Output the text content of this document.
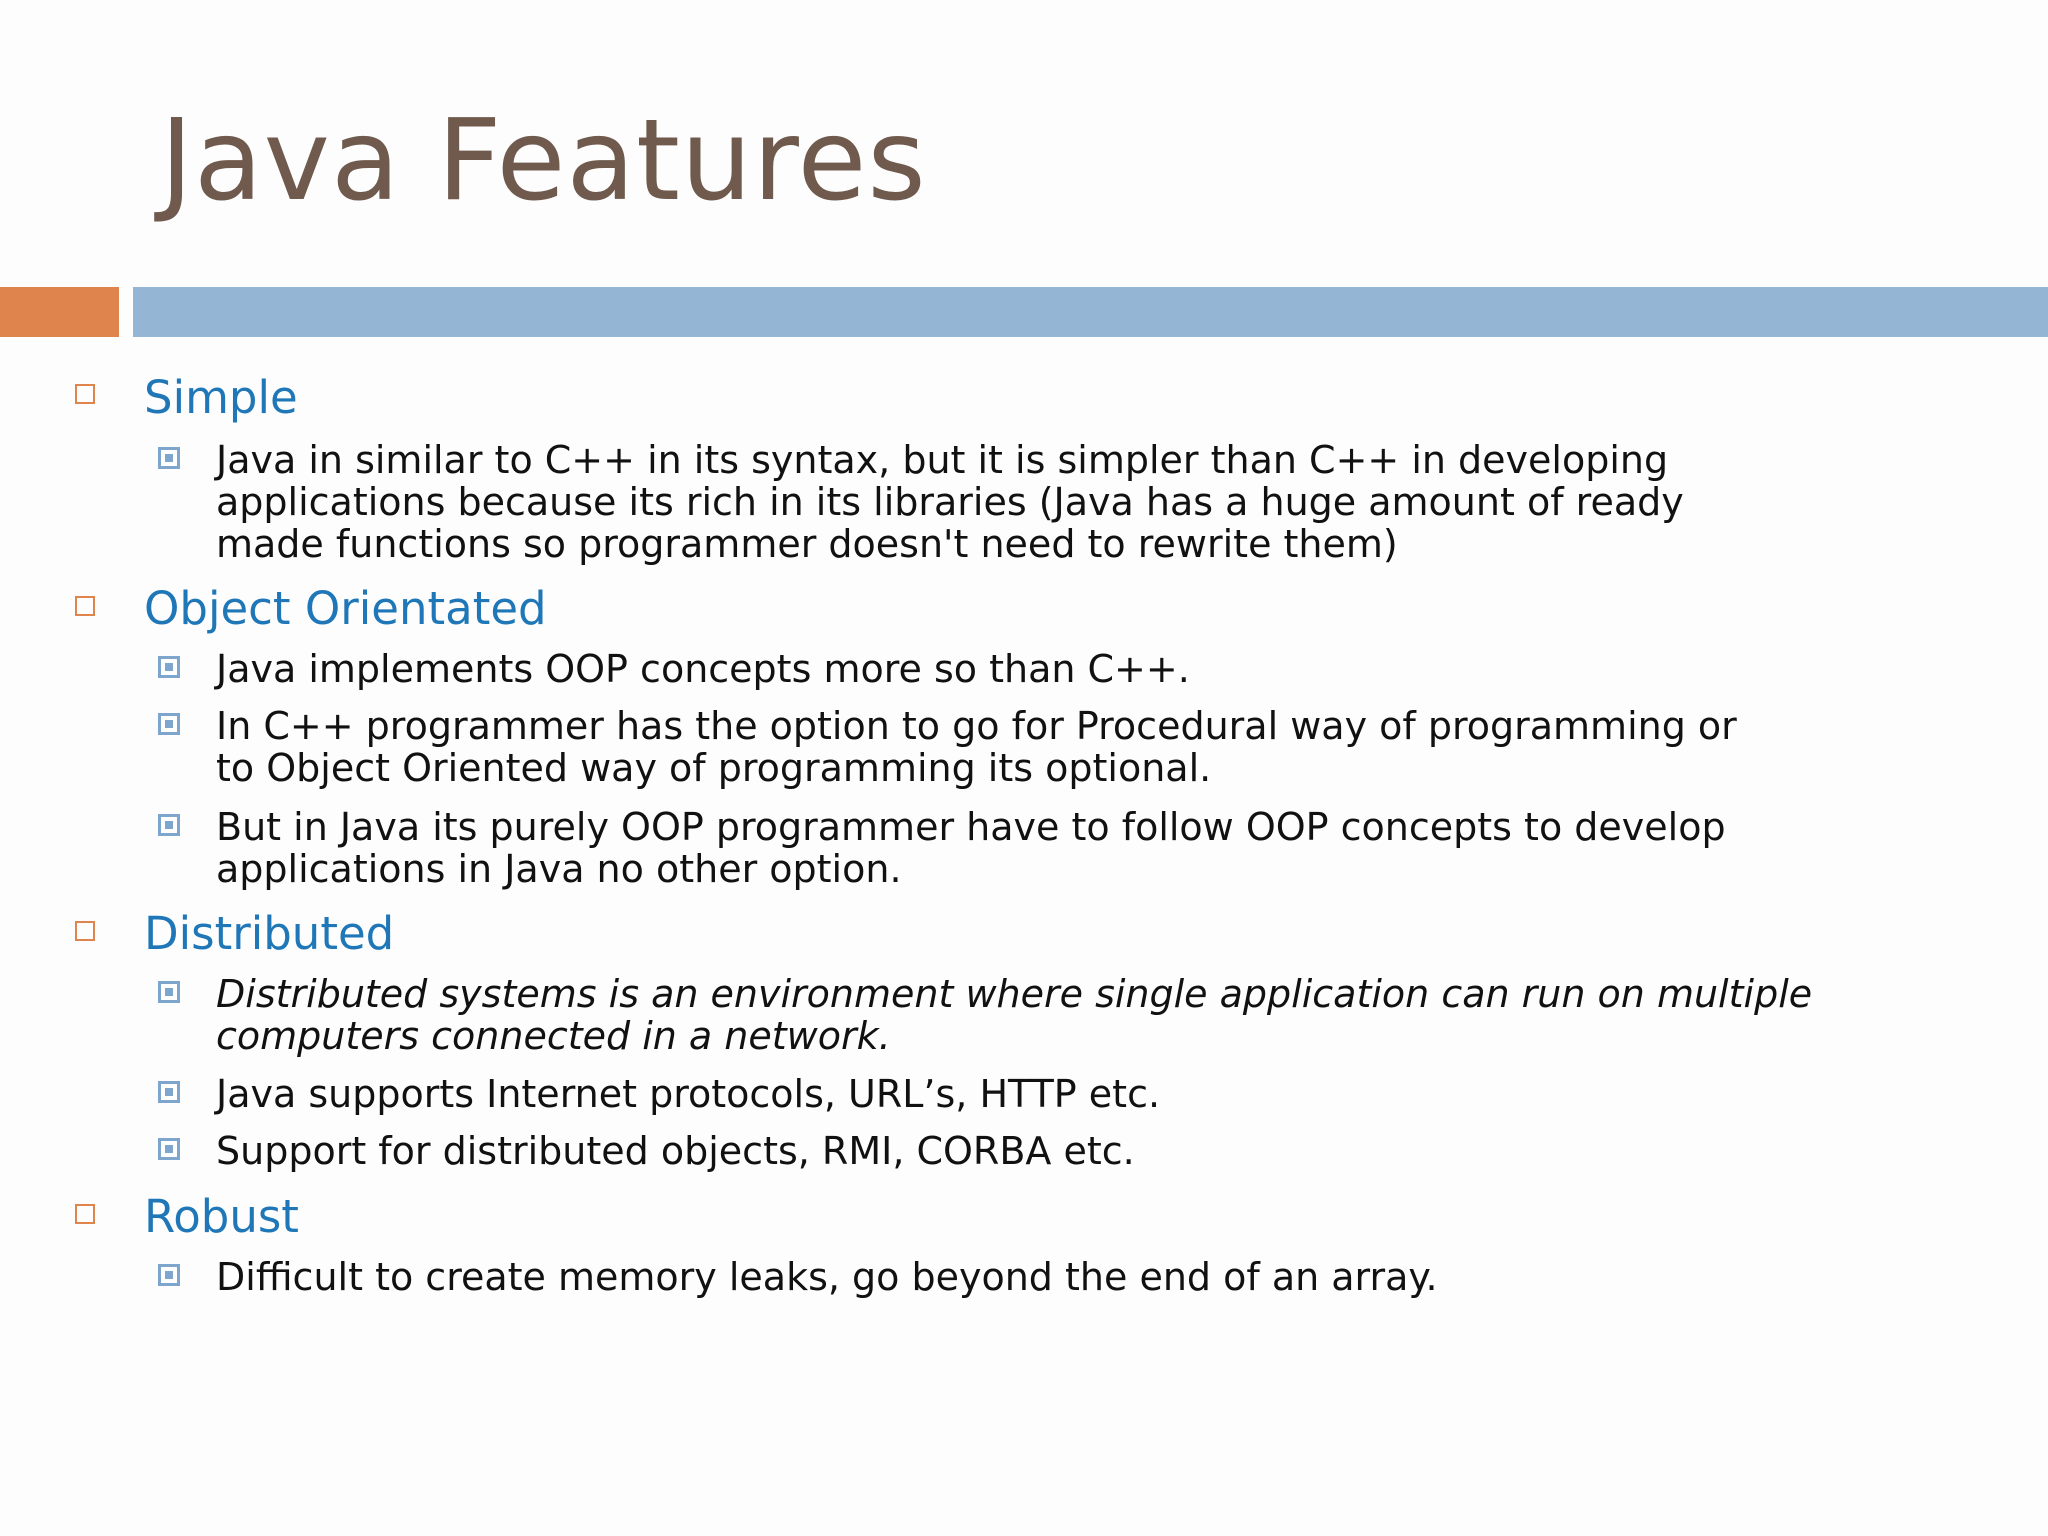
Java Features
Simple
Java in similar to C++ in its syntax, but it is simpler than C++ in developing
applications because its rich in its libraries (Java has a huge amount of ready
made functions so programmer doesn't need to rewrite them)
Object Orientated
Java implements OOP concepts more so than C++.
In C++ programmer has the option to go for Procedural way of programming or
to Object Oriented way of programming its optional.
But in Java its purely OOP programmer have to follow OOP concepts to develop
applications in Java no other option.
Distributed
Distributed systems is an environment where single application can run on multiple
computers connected in a network.
Java supports Internet protocols, URL’s, HTTP etc.
Support for distributed objects, RMI, CORBA etc.
Robust
Difficult to create memory leaks, go beyond the end of an array.
